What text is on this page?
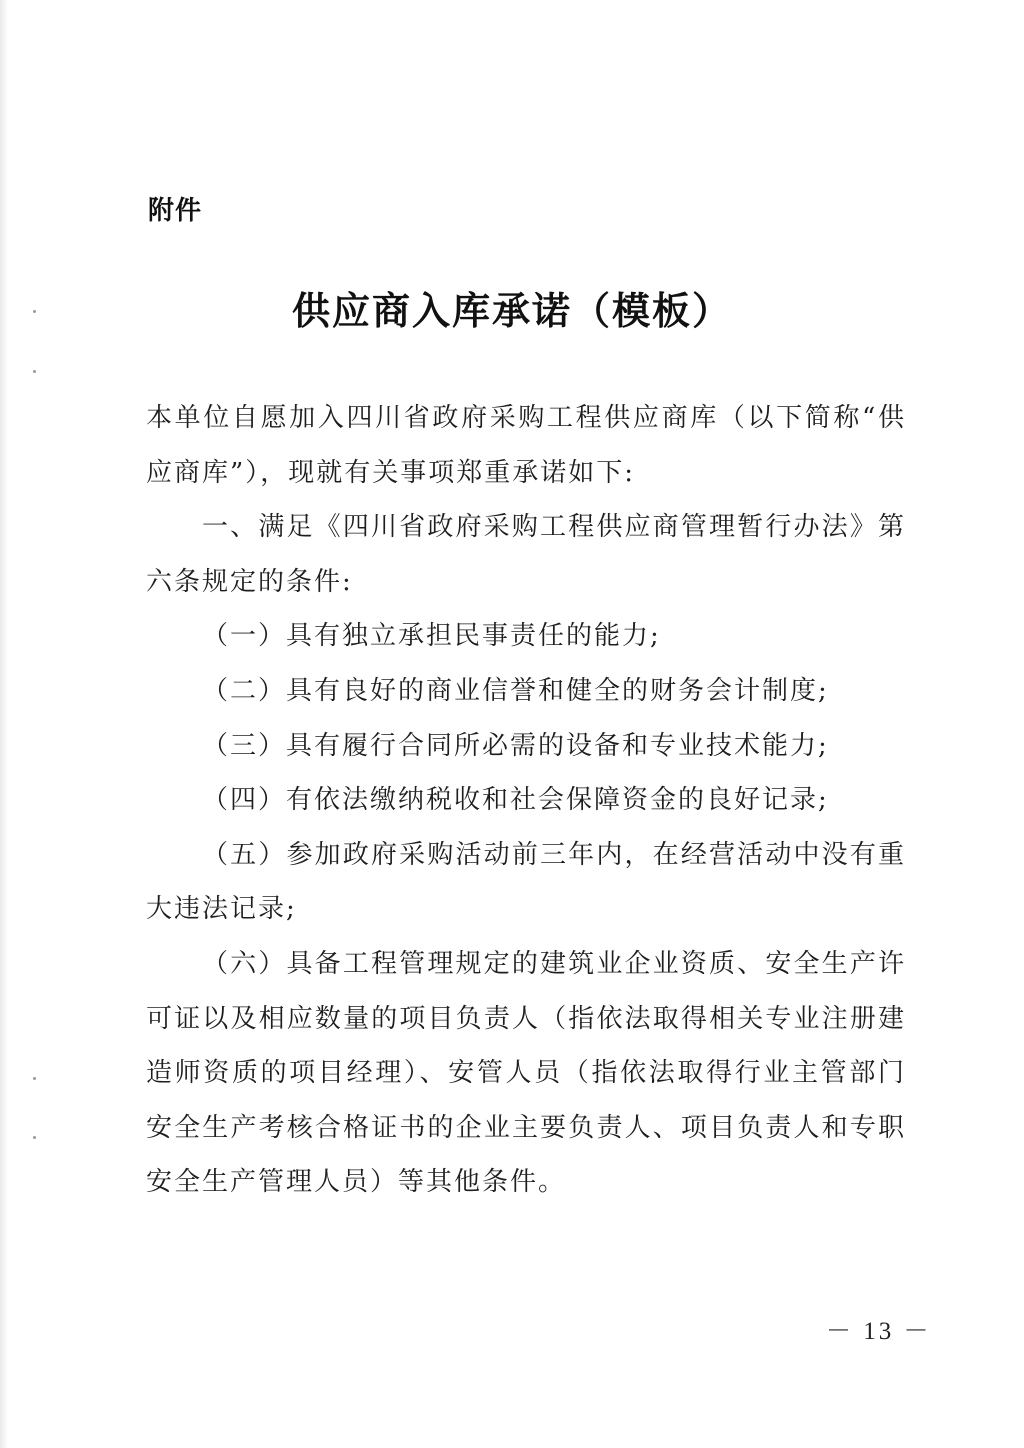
附件
供应商入库承诺（模板）

本单位自愿加入四川省政府采购工程供应商库（以下简称“供应商库”），现就有关事项郑重承诺如下:

一、满足《四川省政府采购工程供应商管理暂行办法》第六条规定的条件:

（一）具有独立承担民事责任的能力;

（二）具有良好的商业信誉和健全的财务会计制度;

（三）具有履行合同所必需的设备和专业技术能力;

（四）有依法缴纳税收和社会保障资金的良好记录;

（五）参加政府采购活动前三年内，在经营活动中没有重大违法记录;

（六）具备工程管理规定的建筑业企业资质、安全生产许可证以及相应数量的项目负责人（指依法取得相关专业注册建造师资质的项目经理）、安管人员（指依法取得行业主管部门安全生产考核合格证书的企业主要负责人、项目负责人和专职安全生产管理人员）等其他条件。

－ 13 －
